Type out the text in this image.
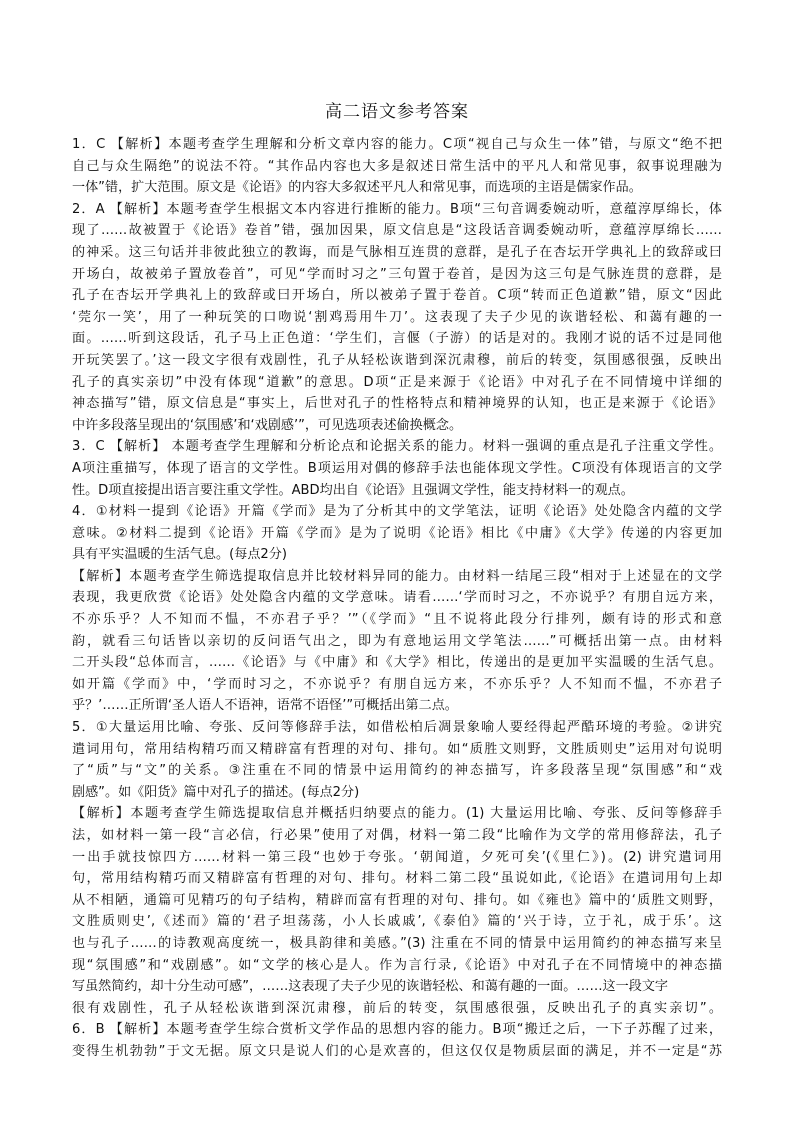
高二语文参考答案
1．C 【解析】本题考查学生理解和分析文章内容的能力。C项“视自己与众生一体”错，与原文“绝不把
自己与众生隔绝”的说法不符。“其作品内容也大多是叙述日常生活中的平凡人和常见事，叙事说理融为
一体”错，扩大范围。原文是《论语》的内容大多叙述平凡人和常见事，而选项的主语是儒家作品。
2．A 【解析】本题考查学生根据文本内容进行推断的能力。B项“三句音调委婉动听，意蕴淳厚绵长，体
现了……故被置于《论语》卷首”错，强加因果，原文信息是“这段话音调委婉动听，意蕴淳厚绵长……
的神采。这三句话并非彼此独立的教诲，而是气脉相互连贯的意群，是孔子在杏坛开学典礼上的致辞或曰
开场白，故被弟子置放卷首”，可见“学而时习之”三句置于卷首，是因为这三句是气脉连贯的意群，是
孔子在杏坛开学典礼上的致辞或曰开场白，所以被弟子置于卷首。C项“转而正色道歉”错，原文“因此
‘莞尔一笑’，用了一种玩笑的口吻说‘割鸡焉用牛刀’。这表现了夫子少见的诙谐轻松、和蔼有趣的一
面。……听到这段话，孔子马上正色道：‘学生们，言偃（子游）的话是对的。我刚才说的话不过是同他
开玩笑罢了。’这一段文字很有戏剧性，孔子从轻松诙谐到深沉肃穆，前后的转变，氛围感很强，反映出
孔子的真实亲切”中没有体现“道歉”的意思。D项“正是来源于《论语》中对孔子在不同情境中详细的
神态描写”错，原文信息是“事实上，后世对孔子的性格特点和精神境界的认知，也正是来源于《论语》
中许多段落呈现出的‘氛围感’和‘戏剧感’”，可见选项表述偷换概念。
3．C 【解析】 本题考查学生理解和分析论点和论据关系的能力。材料一强调的重点是孔子注重文学性。
A项注重描写，体现了语言的文学性。B项运用对偶的修辞手法也能体现文学性。C项没有体现语言的文学
性。D项直接提出语言要注重文学性。ABD均出自《论语》且强调文学性，能支持材料一的观点。
4．①材料一提到《论语》开篇《学而》是为了分析其中的文学笔法，证明《论语》处处隐含内蕴的文学
意味。②材料二提到《论语》开篇《学而》是为了说明《论语》相比《中庸》《大学》传递的内容更加
具有平实温暖的生活气息。(每点2分)
【解析】本题考查学生筛选提取信息并比较材料异同的能力。由材料一结尾三段“相对于上述显在的文学
表现，我更欣赏《论语》处处隐含内蕴的文学意味。请看……‘学而时习之，不亦说乎？有朋自远方来，
不亦乐乎？人不知而不愠，不亦君子乎？’”（《学而》“且不说将此段分行排列，颇有诗的形式和意
韵，就看三句话皆以亲切的反问语气出之，即为有意地运用文学笔法……”可概括出第一点。由材料
二开头段“总体而言，……《论语》与《中庸》和《大学》相比，传递出的是更加平实温暖的生活气息。
如开篇《学而》中，‘学而时习之，不亦说乎？有朋自远方来，不亦乐乎？人不知而不愠，不亦君子
乎？’……正所谓‘圣人语人不语神，语常不语怪’”可概括出第二点。
5．①大量运用比喻、夸张、反问等修辞手法，如借松柏后凋景象喻人要经得起严酷环境的考验。②讲究
遣词用句，常用结构精巧而又精辟富有哲理的对句、排句。如“质胜文则野，文胜质则史”运用对句说明
了“质”与“文”的关系。③注重在不同的情景中运用简约的神态描写，许多段落呈现“氛围感”和“戏
剧感”。如《阳货》篇中对孔子的描述。(每点2分)
【解析】本题考查学生筛选提取信息并概括归纳要点的能力。(1) 大量运用比喻、夸张、反问等修辞手
法，如材料一第一段“言必信，行必果”使用了对偶，材料一第二段“比喻作为文学的常用修辞法，孔子
一出手就技惊四方……材料一第三段“也妙于夸张。‘朝闻道，夕死可矣’(《里仁》)。(2) 讲究遣词用
句，常用结构精巧而又精辟富有哲理的对句、排句。材料二第二段“虽说如此,《论语》在遣词用句上却
从不相陋，通篇可见精巧的句子结构，精辟而富有哲理的对句、排句。如《雍也》篇中的‘质胜文则野，
文胜质则史’,《述而》篇的‘君子坦荡荡，小人长戚戚’,《泰伯》篇的‘兴于诗，立于礼，成于乐’。这
也与孔子……的诗教观高度统一，极具韵律和美感。”(3) 注重在不同的情景中运用简约的神态描写来呈
现“氛围感”和“戏剧感”。如“文学的核心是人。作为言行录,《论语》中对孔子在不同情境中的神态描
写虽然简约，却十分生动可感”，……这表现了夫子少见的诙谐轻松、和蔼有趣的一面。……这一段文字
很有戏剧性，孔子从轻松诙谐到深沉肃穆，前后的转变，氛围感很强，反映出孔子的真实亲切”。
6．B 【解析】本题考查学生综合赏析文学作品的思想内容的能力。B项“搬迁之后，一下子苏醒了过来，
变得生机勃勃”于文无据。原文只是说人们的心是欢喜的，但这仅仅是物质层面的满足，并不一定是“苏
